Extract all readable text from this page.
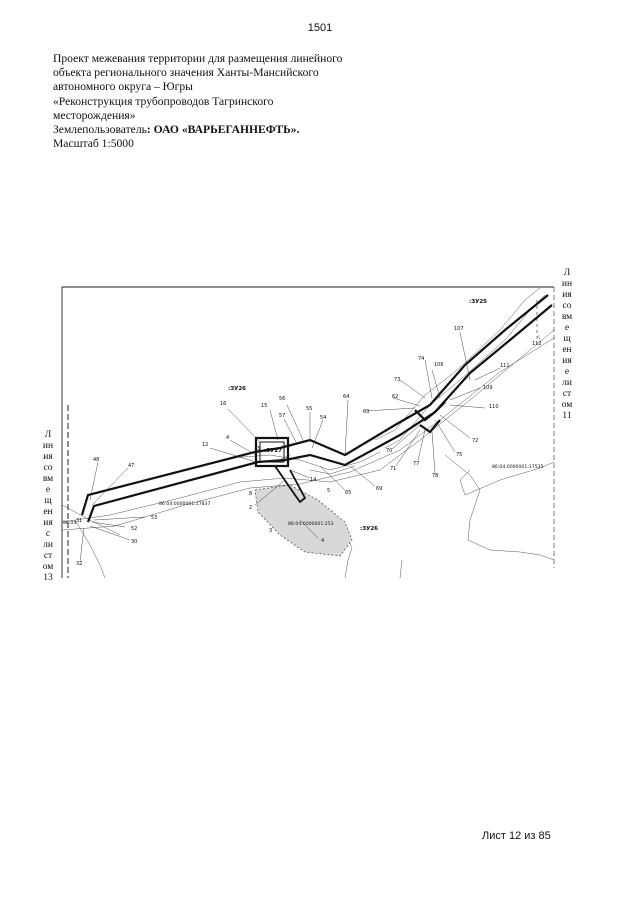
1501
Проект межевания территории для размещения линейного
объекта регионального значения Ханты-Мансийского
автономного округа – Югры
«Реконструкция трубопроводов Тагринского
месторождения»
Землепользователь: ОАО «ВАРЬЕГАННЕФТЬ».
Масштаб 1:5000
107
112
111
106
74
73
109
110
62
63
72
75
70
71
77
78
64
56
55
57
15
16
54
4
12
3
14
65
69
48
47
8
2
5
3
4
53
52
30
32
31
:ЗУ25
:ЗУ26
:ЗУ27
:ЗУ26
86:04:0000001:17837
86:04:0000001:17535
86:04:0000001:253
86:04:
Л
ин
ия
со
вм
е
щ
ен
ия
с
ли
ст
ом
13
Л
ин
ия
со
вм
е
щ
ен
ия
е
ли
ст
ом
11
Лист 12 из 85
